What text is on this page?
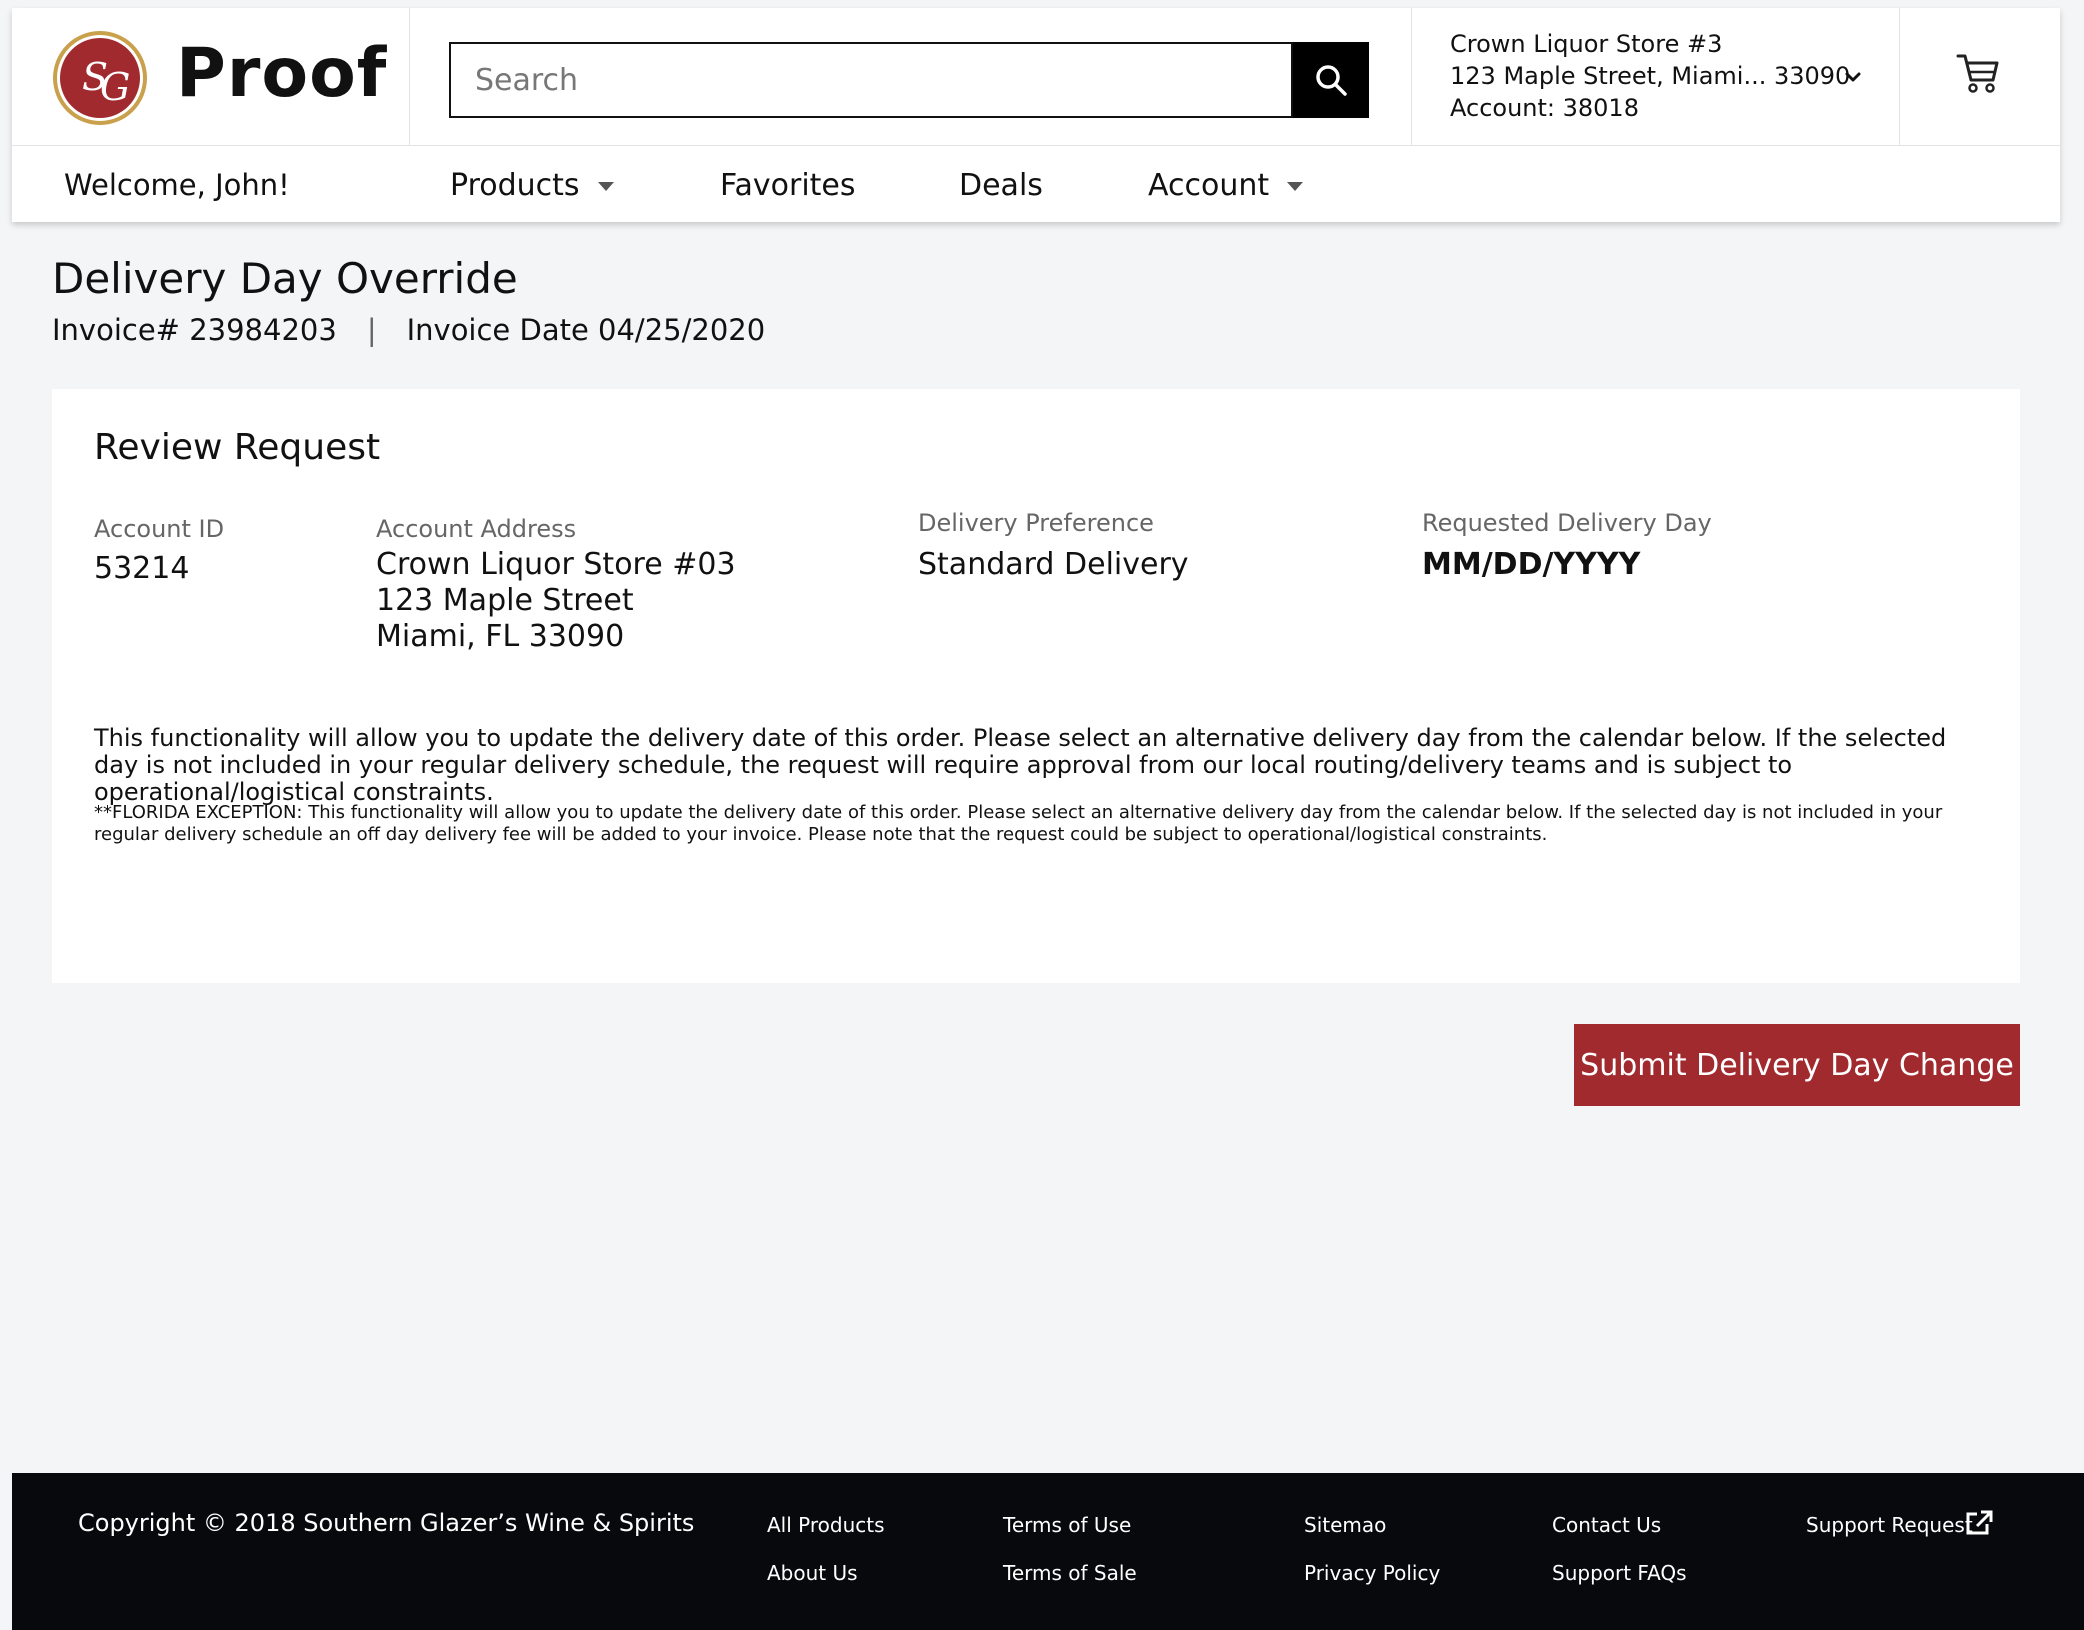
S
G Proof
Search	Crown Liquor Store #3
123 Maple Street, Miami... 33090
Account: 38018
Welcome, John!	Products	Favorites	Deals	Account
Delivery Day Override
Invoice# 23984203 | Invoice Date 04/25/2020
Review Request
Account ID
53214
Account Address
Crown Liquor Store #03
123 Maple Street
Miami, FL 33090
Delivery Preference
Standard Delivery
Requested Delivery Day
MM/DD/YYYY
This functionality will allow you to update the delivery date of this order. Please select an alternative delivery day from the calendar below. If the selected day is not included in your regular delivery schedule, the request will require approval from our local routing/delivery teams and is subject to operational/logistical constraints.
**FLORIDA EXCEPTION: This functionality will allow you to update the delivery date of this order. Please select an alternative delivery day from the calendar below. If the selected day is not included in your regular delivery schedule an off day delivery fee will be added to your invoice. Please note that the request could be subject to operational/logistical constraints.
Submit Delivery Day Change
Copyright © 2018 Southern Glazer’s Wine & Spirits	All Products
About Us
Terms of Use
Terms of Sale
Sitemao
Privacy Policy
Contact Us
Support FAQs
Support Request
